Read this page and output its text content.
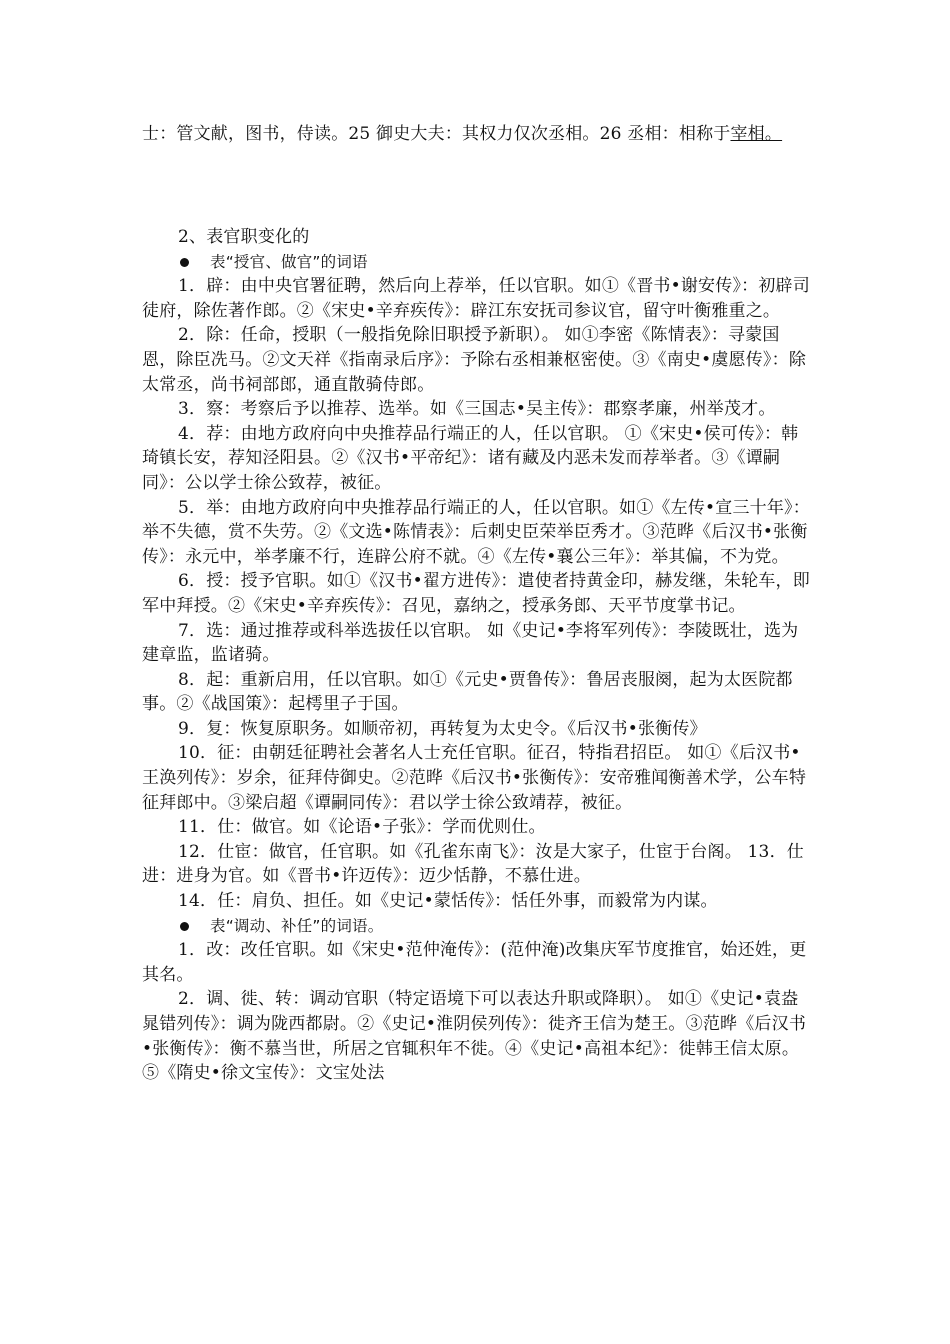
士：管文献，图书，侍读。25 御史大夫：其权力仅次丞相。26 丞相：相称于宰相。

2、表官职变化的

表“授官、做官”的词语

1．辟：由中央官署征聘，然后向上荐举，任以官职。如①《晋书•谢安传》：初辟司徒府，除佐著作郎。②《宋史•辛弃疾传》：辟江东安抚司参议官，留守叶衡雅重之。

2．除：任命，授职（一般指免除旧职授予新职）。 如①李密《陈情表》：寻蒙国恩，除臣冼马。②文天祥《指南录后序》：予除右丞相兼枢密使。③《南史•虞愿传》：除太常丞，尚书祠部郎，通直散骑侍郎。

3．察：考察后予以推荐、选举。如《三国志•吴主传》：郡察孝廉，州举茂才。

4．荐：由地方政府向中央推荐品行端正的人，任以官职。 ①《宋史•侯可传》：韩琦镇长安，荐知泾阳县。②《汉书•平帝纪》：诸有藏及内恶未发而荐举者。③《谭嗣同》：公以学士徐公致荐，被征。

5．举：由地方政府向中央推荐品行端正的人，任以官职。如①《左传•宣三十年》：举不失德，赏不失劳。②《文选•陈情表》：后刺史臣荣举臣秀才。③范晔《后汉书•张衡传》：永元中，举孝廉不行，连辟公府不就。④《左传•襄公三年》：举其偏，不为党。

6．授：授予官职。如①《汉书•翟方进传》：遣使者持黄金印，赫发继，朱轮车，即军中拜授。②《宋史•辛弃疾传》：召见，嘉纳之，授承务郎、天平节度掌书记。

7．选：通过推荐或科举选拔任以官职。 如《史记•李将军列传》：李陵既壮，选为建章监，监诸骑。

8．起：重新启用，任以官职。如①《元史•贾鲁传》：鲁居丧服阕，起为太医院都事。②《战国策》：起樗里子于国。

9．复：恢复原职务。如顺帝初，再转复为太史令。《后汉书•张衡传》

10．征：由朝廷征聘社会著名人士充任官职。征召，特指君招臣。 如①《后汉书•王涣列传》：岁余，征拜侍御史。②范晔《后汉书•张衡传》：安帝雅闻衡善术学，公车特征拜郎中。③梁启超《谭嗣同传》：君以学士徐公致靖荐，被征。

11．仕：做官。如《论语•子张》：学而优则仕。

12．仕宦：做官，任官职。如《孔雀东南飞》：汝是大家子，仕宦于台阁。 13．仕进：进身为官。如《晋书•许迈传》：迈少恬静，不慕仕进。

14．任：肩负、担任。如《史记•蒙恬传》：恬任外事，而毅常为内谋。

表“调动、补任”的词语。

1．改：改任官职。如《宋史•范仲淹传》：(范仲淹)改集庆军节度推官，始还姓，更其名。

2．调、徙、转：调动官职（特定语境下可以表达升职或降职）。 如①《史记•袁盎晁错列传》：调为陇西都尉。②《史记•淮阴侯列传》：徙齐王信为楚王。③范晔《后汉书•张衡传》：衡不慕当世，所居之官辄积年不徙。④《史记•高祖本纪》：徙韩王信太原。⑤《隋史•徐文宝传》：文宝处法
